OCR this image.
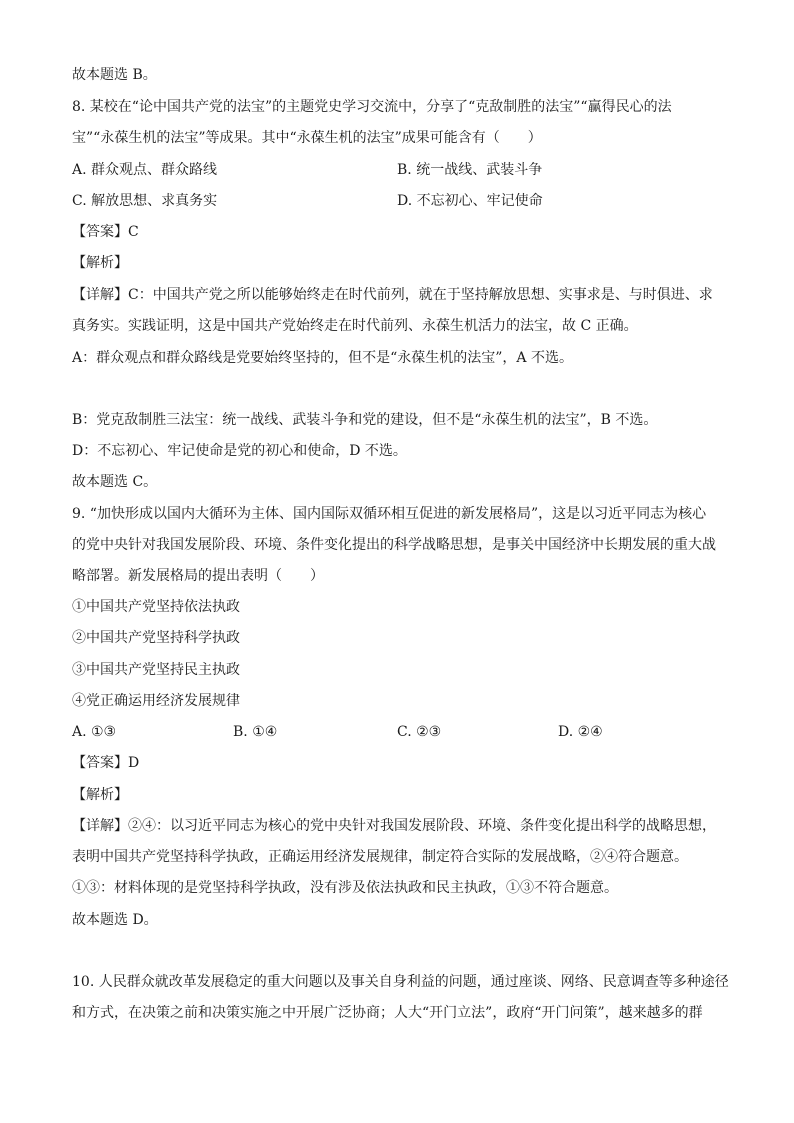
故本题选 B。
8. 某校在“论中国共产党的法宝”的主题党史学习交流中，分享了“克敌制胜的法宝”“赢得民心的法
宝”“永葆生机的法宝”等成果。其中“永葆生机的法宝”成果可能含有（　　）
A. 群众观点、群众路线	B. 统一战线、武装斗争
C. 解放思想、求真务实	D. 不忘初心、牢记使命
【答案】C
【解析】
【详解】C：中国共产党之所以能够始终走在时代前列，就在于坚持解放思想、实事求是、与时俱进、求
真务实。实践证明，这是中国共产党始终走在时代前列、永葆生机活力的法宝，故 C 正确。
A：群众观点和群众路线是党要始终坚持的，但不是“永葆生机的法宝”，A 不选。
B：党克敌制胜三法宝：统一战线、武装斗争和党的建设，但不是“永葆生机的法宝”，B 不选。
D：不忘初心、牢记使命是党的初心和使命，D 不选。
故本题选 C。
9. “加快形成以国内大循环为主体、国内国际双循环相互促进的新发展格局”，这是以习近平同志为核心
的党中央针对我国发展阶段、环境、条件变化提出的科学战略思想，是事关中国经济中长期发展的重大战
略部署。新发展格局的提出表明（　　）
①中国共产党坚持依法执政
②中国共产党坚持科学执政
③中国共产党坚持民主执政
④党正确运用经济发展规律
A. ①③	B. ①④	C. ②③	D. ②④
【答案】D
【解析】
【详解】②④：以习近平同志为核心的党中央针对我国发展阶段、环境、条件变化提出科学的战略思想，
表明中国共产党坚持科学执政，正确运用经济发展规律，制定符合实际的发展战略，②④符合题意。
①③：材料体现的是党坚持科学执政，没有涉及依法执政和民主执政，①③不符合题意。
故本题选 D。
10. 人民群众就改革发展稳定的重大问题以及事关自身利益的问题，通过座谈、网络、民意调查等多种途径
和方式，在决策之前和决策实施之中开展广泛协商；人大“开门立法”，政府“开门问策”，越来越多的群
